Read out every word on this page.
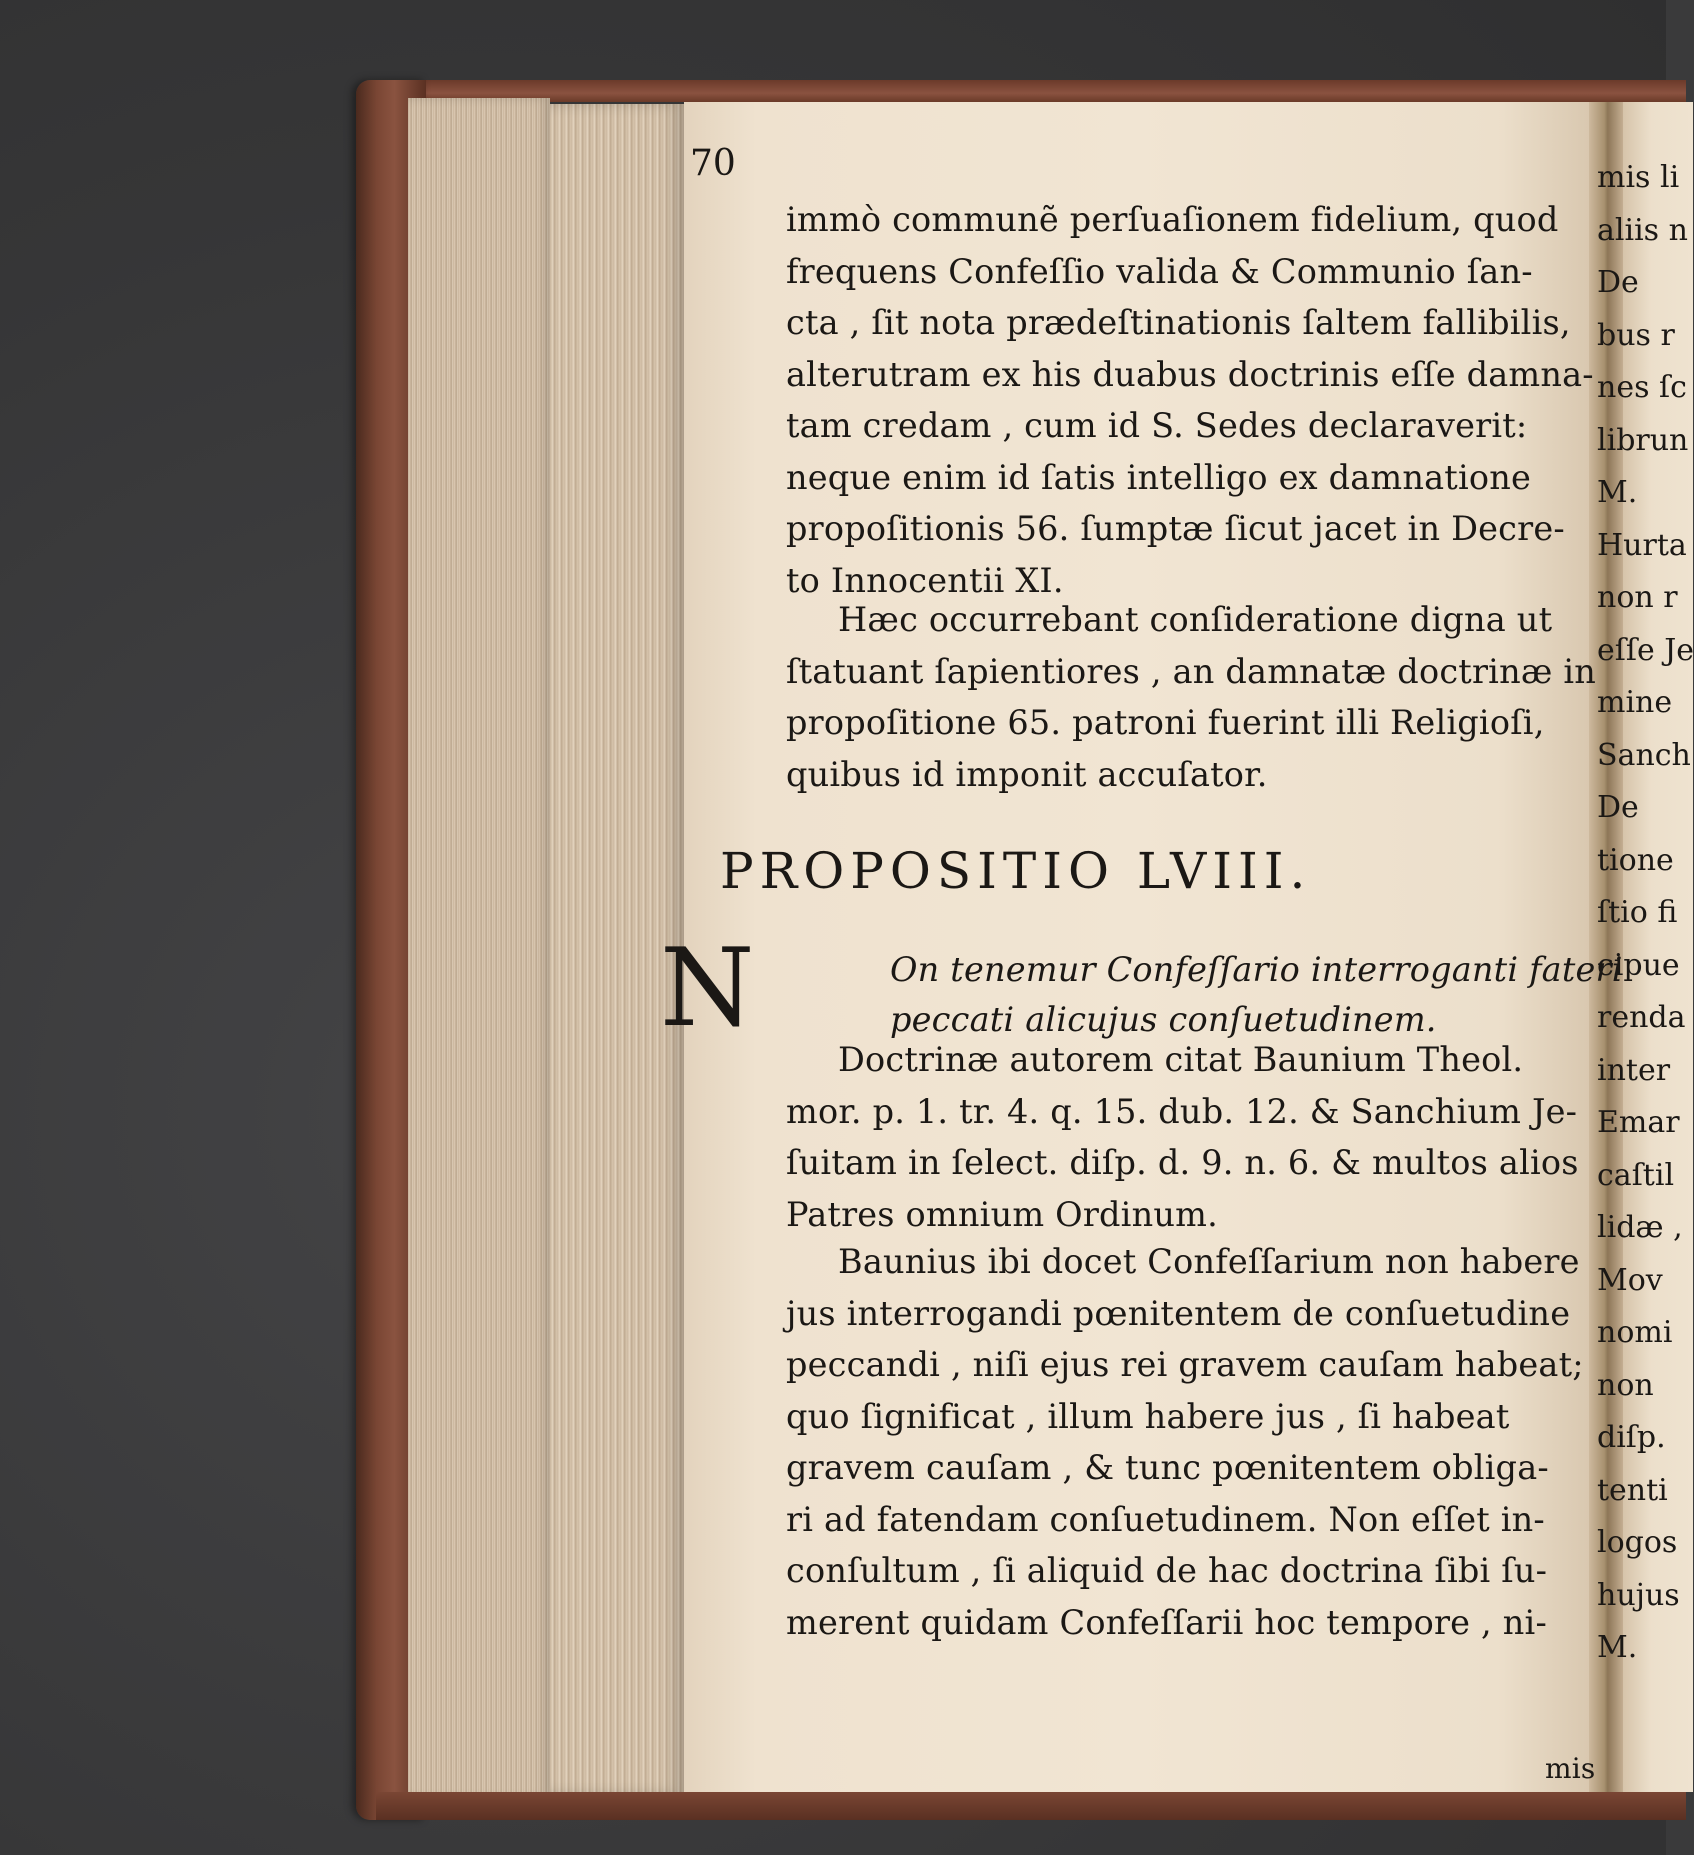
70
immò communẽ perſuaſionem fidelium, quod
frequens Confeſſio valida & Communio ſan-
cta , ſit nota prædeſtinationis ſaltem fallibilis,
alterutram ex his duabus doctrinis eſſe damna-
tam credam , cum id S. Sedes declaraverit:
neque enim id ſatis intelligo ex damnatione
propoſitionis 56. ſumptæ ſicut jacet in Decre-
to Innocentii XI.
Hæc occurrebant conſideratione digna ut
ſtatuant ſapientiores , an damnatæ doctrinæ in
propoſitione 65. patroni fuerint illi Religioſi,
quibus id imponit accuſator.
PROPOSITIO LVIII.
N	On tenemur Confeſſario interroganti fateri
peccati alicujus conſuetudinem.
Doctrinæ autorem citat Baunium Theol.
mor. p. 1. tr. 4. q. 15. dub. 12. & Sanchium Je-
ſuitam in ſelect. diſp. d. 9. n. 6. & multos alios
Patres omnium Ordinum.
Baunius ibi docet Confeſſarium non habere
jus interrogandi pœnitentem de conſuetudine
peccandi , niſi ejus rei gravem cauſam habeat;
quo ſignificat , illum habere jus , ſi habeat
gravem cauſam , & tunc pœnitentem obliga-
ri ad fatendam conſuetudinem. Non eſſet in-
conſultum , ſi aliquid de hac doctrina ſibi ſu-
merent quidam Confeſſarii hoc tempore , ni-
mis
mis li
aliis n
De
bus r
nes ſc
librun
M.
Hurta
non r
eſſe Je
mine
Sanch
De
tione
ſtio fi
cipue
renda
inter
Emar
caſtil
lidæ ,
Mov
nomi
non
diſp.
tenti
logos
hujus
M.
